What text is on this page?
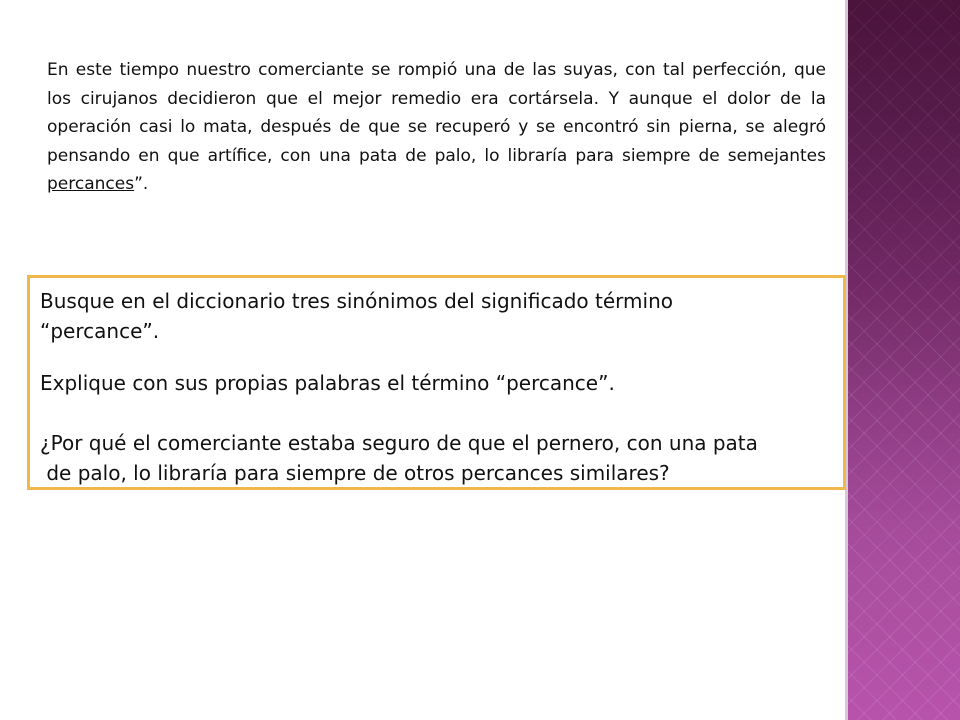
En este tiempo nuestro comerciante se rompió una de las suyas, con tal perfección, que los cirujanos decidieron que el mejor remedio era cortársela. Y aunque el dolor de la operación casi lo mata, después de que se recuperó y se encontró sin pierna, se alegró pensando en que artífice, con una pata de palo, lo libraría para siempre de semejantes percances”.

Busque en el diccionario tres sinónimos del significado término
“percance”.

Explique con sus propias palabras el término “percance”.

¿Por qué el comerciante estaba seguro de que el pernero, con una pata
de palo, lo libraría para siempre de otros percances similares?
